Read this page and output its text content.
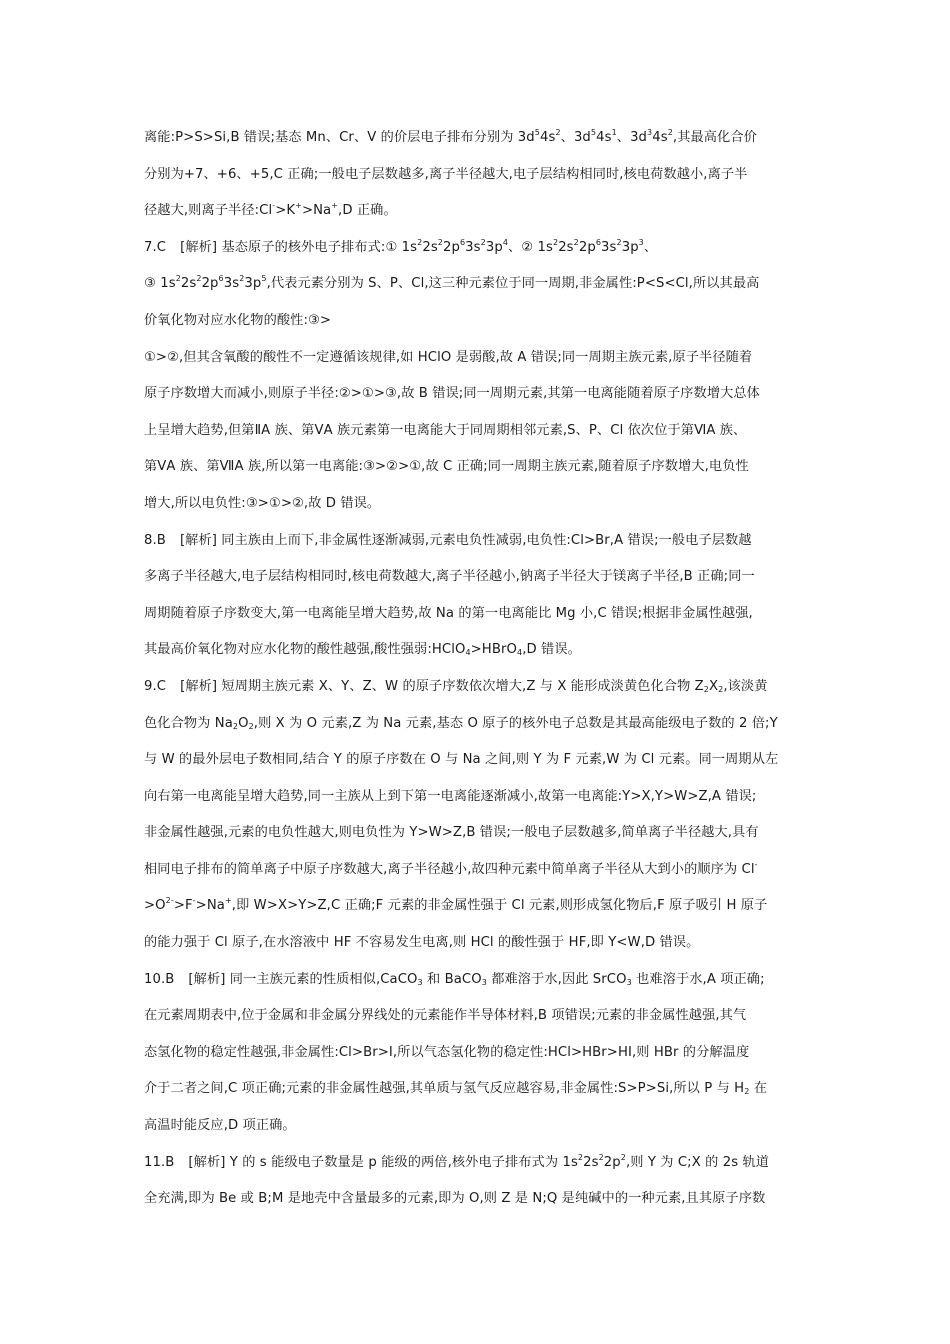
离能:P>S>Si,B 错误;基态 Mn、Cr、V 的价层电子排布分别为 $3d^54s^2$、$3d^54s^1$、$3d^34s^2$,其最高化合价
分别为+7、+6、+5,C 正确;一般电子层数越多,离子半径越大,电子层结构相同时,核电荷数越小,离子半
径越大,则离子半径:Cl->K+>Na+,D 正确。
7.C [解析] 基态原子的核外电子排布式:① $1s^22s^22p^63s^23p^4$、② $1s^22s^22p^63s^23p^3$、
③ $1s^22s^22p^63s^23p^5$,代表元素分别为 S、P、Cl,这三种元素位于同一周期,非金属性:P<S<Cl,所以其最高
价氧化物对应水化物的酸性:③>
①>②,但其含氧酸的酸性不一定遵循该规律,如 HClO 是弱酸,故 A 错误;同一周期主族元素,原子半径随着
原子序数增大而减小,则原子半径:②>①>③,故 B 错误;同一周期元素,其第一电离能随着原子序数增大总体
上呈增大趋势,但第ⅡA 族、第ⅤA 族元素第一电离能大于同周期相邻元素,S、P、Cl 依次位于第ⅥA 族、
第ⅤA 族、第ⅦA 族,所以第一电离能:③>②>①,故 C 正确;同一周期主族元素,随着原子序数增大,电负性
增大,所以电负性:③>①>②,故 D 错误。
8.B [解析] 同主族由上而下,非金属性逐渐减弱,元素电负性减弱,电负性:Cl>Br,A 错误;一般电子层数越
多离子半径越大,电子层结构相同时,核电荷数越大,离子半径越小,钠离子半径大于镁离子半径,B 正确;同一
周期随着原子序数变大,第一电离能呈增大趋势,故 Na 的第一电离能比 Mg 小,C 错误;根据非金属性越强,
其最高价氧化物对应水化物的酸性越强,酸性强弱:HClO$_4$>HBrO$_4$,D 错误。
9.C [解析] 短周期主族元素 X、Y、Z、W 的原子序数依次增大,Z 与 X 能形成淡黄色化合物 $Z_2X_2$,该淡黄
色化合物为 $Na_2O_2$,则 X 为 O 元素,Z 为 Na 元素,基态 O 原子的核外电子总数是其最高能级电子数的 2 倍;Y
与 W 的最外层电子数相同,结合 Y 的原子序数在 O 与 Na 之间,则 Y 为 F 元素,W 为 Cl 元素。同一周期从左
向右第一电离能呈增大趋势,同一主族从上到下第一电离能逐渐减小,故第一电离能:Y>X,Y>W>Z,A 错误;
非金属性越强,元素的电负性越大,则电负性为 Y>W>Z,B 错误;一般电子层数越多,简单离子半径越大,具有
相同电子排布的简单离子中原子序数越大,离子半径越小,故四种元素中简单离子半径从大到小的顺序为 Cl-
$>O^{2-}>F^->Na^+$,即 W>X>Y>Z,C 正确;F 元素的非金属性强于 Cl 元素,则形成氢化物后,F 原子吸引 H 原子
的能力强于 Cl 原子,在水溶液中 HF 不容易发生电离,则 HCl 的酸性强于 HF,即 Y<W,D 错误。
10.B [解析] 同一主族元素的性质相似,CaCO$_3$ 和 BaCO$_3$ 都难溶于水,因此 SrCO$_3$ 也难溶于水,A 项正确;
在元素周期表中,位于金属和非金属分界线处的元素能作半导体材料,B 项错误;元素的非金属性越强,其气
态氢化物的稳定性越强,非金属性:Cl>Br>I,所以气态氢化物的稳定性:HCl>HBr>HI,则 HBr 的分解温度
介于二者之间,C 项正确;元素的非金属性越强,其单质与氢气反应越容易,非金属性:S>P>Si,所以 P 与 $H_2$ 在
高温时能反应,D 项正确。
11.B [解析] Y 的 s 能级电子数量是 p 能级的两倍,核外电子排布式为 $1s^22s^22p^2$,则 Y 为 C;X 的 2s 轨道
全充满,即为 Be 或 B;M 是地壳中含量最多的元素,即为 O,则 Z 是 N;Q 是纯碱中的一种元素,且其原子序数
